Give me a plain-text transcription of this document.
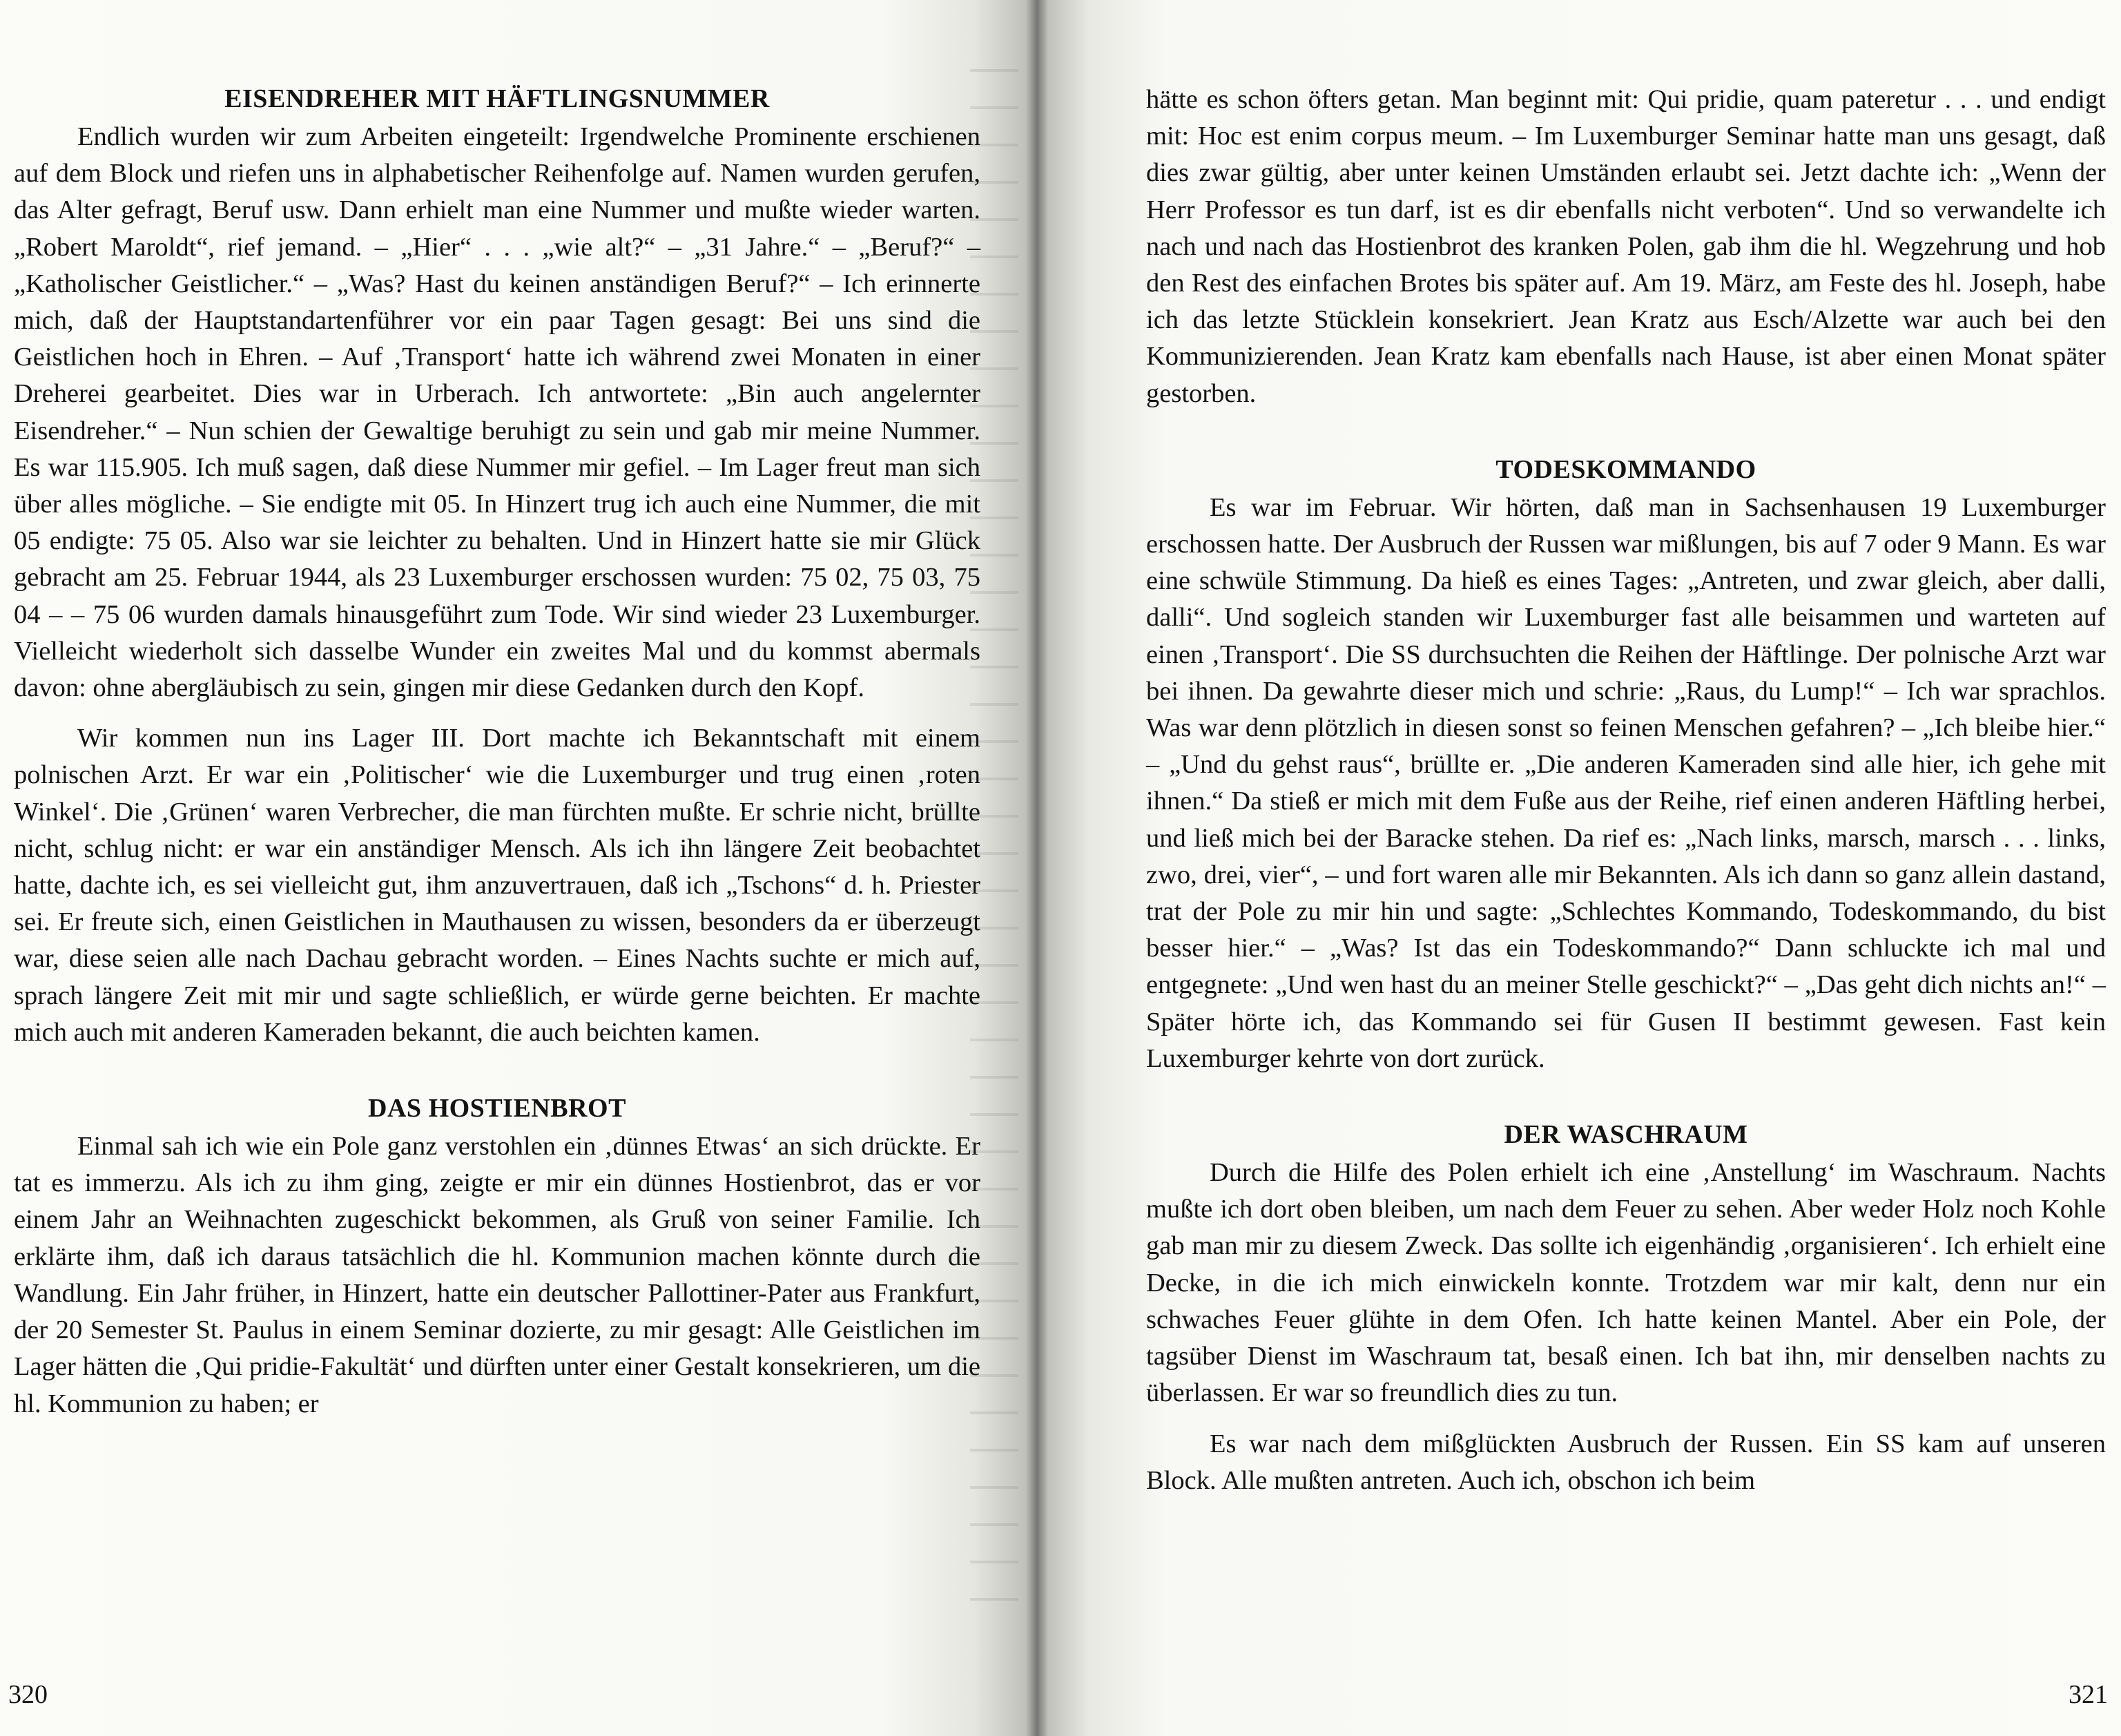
EISENDREHER MIT HÄFTLINGSNUMMER

Endlich wurden wir zum Arbeiten eingeteilt: Irgendwelche Prominente erschienen auf dem Block und riefen uns in alphabetischer Reihenfolge auf. Namen wurden gerufen, das Alter gefragt, Beruf usw. Dann erhielt man eine Nummer und mußte wieder warten. „Robert Maroldt“, rief jemand. – „Hier“ . . . „wie alt?“ – „31 Jahre.“ – „Beruf?“ – „Katholischer Geistlicher.“ – „Was? Hast du keinen anständigen Beruf?“ – Ich erinnerte mich, daß der Hauptstandartenführer vor ein paar Tagen gesagt: Bei uns sind die Geistlichen hoch in Ehren. – Auf ‚Transport‘ hatte ich während zwei Monaten in einer Dreherei gearbeitet. Dies war in Urberach. Ich antwortete: „Bin auch angelernter Eisendreher.“ – Nun schien der Gewaltige beruhigt zu sein und gab mir meine Nummer. Es war 115.905. Ich muß sagen, daß diese Nummer mir gefiel. – Im Lager freut man sich über alles mögliche. – Sie endigte mit 05. In Hinzert trug ich auch eine Nummer, die mit 05 endigte: 75 05. Also war sie leichter zu behalten. Und in Hinzert hatte sie mir Glück gebracht am 25. Februar 1944, als 23 Luxemburger erschossen wurden: 75 02, 75 03, 75 04 – – 75 06 wurden damals hinausgeführt zum Tode. Wir sind wieder 23 Luxemburger. Vielleicht wiederholt sich dasselbe Wunder ein zweites Mal und du kommst abermals davon: ohne abergläubisch zu sein, gingen mir diese Gedanken durch den Kopf.

Wir kommen nun ins Lager III. Dort machte ich Bekanntschaft mit einem polnischen Arzt. Er war ein ‚Politischer‘ wie die Luxemburger und trug einen ‚roten Winkel‘. Die ‚Grünen‘ waren Verbrecher, die man fürchten mußte. Er schrie nicht, brüllte nicht, schlug nicht: er war ein anständiger Mensch. Als ich ihn längere Zeit beobachtet hatte, dachte ich, es sei vielleicht gut, ihm anzuvertrauen, daß ich „Tschons“ d. h. Priester sei. Er freute sich, einen Geistlichen in Mauthausen zu wissen, besonders da er überzeugt war, diese seien alle nach Dachau gebracht worden. – Eines Nachts suchte er mich auf, sprach längere Zeit mit mir und sagte schließlich, er würde gerne beichten. Er machte mich auch mit anderen Kameraden bekannt, die auch beichten kamen.

DAS HOSTIENBROT

Einmal sah ich wie ein Pole ganz verstohlen ein ‚dünnes Etwas‘ an sich drückte. Er tat es immerzu. Als ich zu ihm ging, zeigte er mir ein dünnes Hostienbrot, das er vor einem Jahr an Weihnachten zugeschickt bekommen, als Gruß von seiner Familie. Ich erklärte ihm, daß ich daraus tatsächlich die hl. Kommunion machen könnte durch die Wandlung. Ein Jahr früher, in Hinzert, hatte ein deutscher Pallottiner-Pater aus Frankfurt, der 20 Semester St. Paulus in einem Seminar dozierte, zu mir gesagt: Alle Geistlichen im Lager hätten die ‚Qui pridie-Fakultät‘ und dürften unter einer Gestalt konsekrieren, um die hl. Kommunion zu haben; er

hätte es schon öfters getan. Man beginnt mit: Qui pridie, quam pateretur . . . und endigt mit: Hoc est enim corpus meum. – Im Luxemburger Seminar hatte man uns gesagt, daß dies zwar gültig, aber unter keinen Umständen erlaubt sei. Jetzt dachte ich: „Wenn der Herr Professor es tun darf, ist es dir ebenfalls nicht verboten“. Und so verwandelte ich nach und nach das Hostienbrot des kranken Polen, gab ihm die hl. Wegzehrung und hob den Rest des einfachen Brotes bis später auf. Am 19. März, am Feste des hl. Joseph, habe ich das letzte Stücklein konsekriert. Jean Kratz aus Esch/Alzette war auch bei den Kommunizierenden. Jean Kratz kam ebenfalls nach Hause, ist aber einen Monat später gestorben.

TODESKOMMANDO

Es war im Februar. Wir hörten, daß man in Sachsenhausen 19 Luxemburger erschossen hatte. Der Ausbruch der Russen war mißlungen, bis auf 7 oder 9 Mann. Es war eine schwüle Stimmung. Da hieß es eines Tages: „Antreten, und zwar gleich, aber dalli, dalli“. Und sogleich standen wir Luxemburger fast alle beisammen und warteten auf einen ‚Transport‘. Die SS durchsuchten die Reihen der Häftlinge. Der polnische Arzt war bei ihnen. Da gewahrte dieser mich und schrie: „Raus, du Lump!“ – Ich war sprachlos. Was war denn plötzlich in diesen sonst so feinen Menschen gefahren? – „Ich bleibe hier.“ – „Und du gehst raus“, brüllte er. „Die anderen Kameraden sind alle hier, ich gehe mit ihnen.“ Da stieß er mich mit dem Fuße aus der Reihe, rief einen anderen Häftling herbei, und ließ mich bei der Baracke stehen. Da rief es: „Nach links, marsch, marsch . . . links, zwo, drei, vier“, – und fort waren alle mir Bekannten. Als ich dann so ganz allein dastand, trat der Pole zu mir hin und sagte: „Schlechtes Kommando, Todeskommando, du bist besser hier.“ – „Was? Ist das ein Todeskommando?“ Dann schluckte ich mal und entgegnete: „Und wen hast du an meiner Stelle geschickt?“ – „Das geht dich nichts an!“ – Später hörte ich, das Kommando sei für Gusen II bestimmt gewesen. Fast kein Luxemburger kehrte von dort zurück.

DER WASCHRAUM

Durch die Hilfe des Polen erhielt ich eine ‚Anstellung‘ im Waschraum. Nachts mußte ich dort oben bleiben, um nach dem Feuer zu sehen. Aber weder Holz noch Kohle gab man mir zu diesem Zweck. Das sollte ich eigenhändig ‚organisieren‘. Ich erhielt eine Decke, in die ich mich einwickeln konnte. Trotzdem war mir kalt, denn nur ein schwaches Feuer glühte in dem Ofen. Ich hatte keinen Mantel. Aber ein Pole, der tagsüber Dienst im Waschraum tat, besaß einen. Ich bat ihn, mir denselben nachts zu überlassen. Er war so freundlich dies zu tun.

Es war nach dem mißglückten Ausbruch der Russen. Ein SS kam auf unseren Block. Alle mußten antreten. Auch ich, obschon ich beim

320	321
